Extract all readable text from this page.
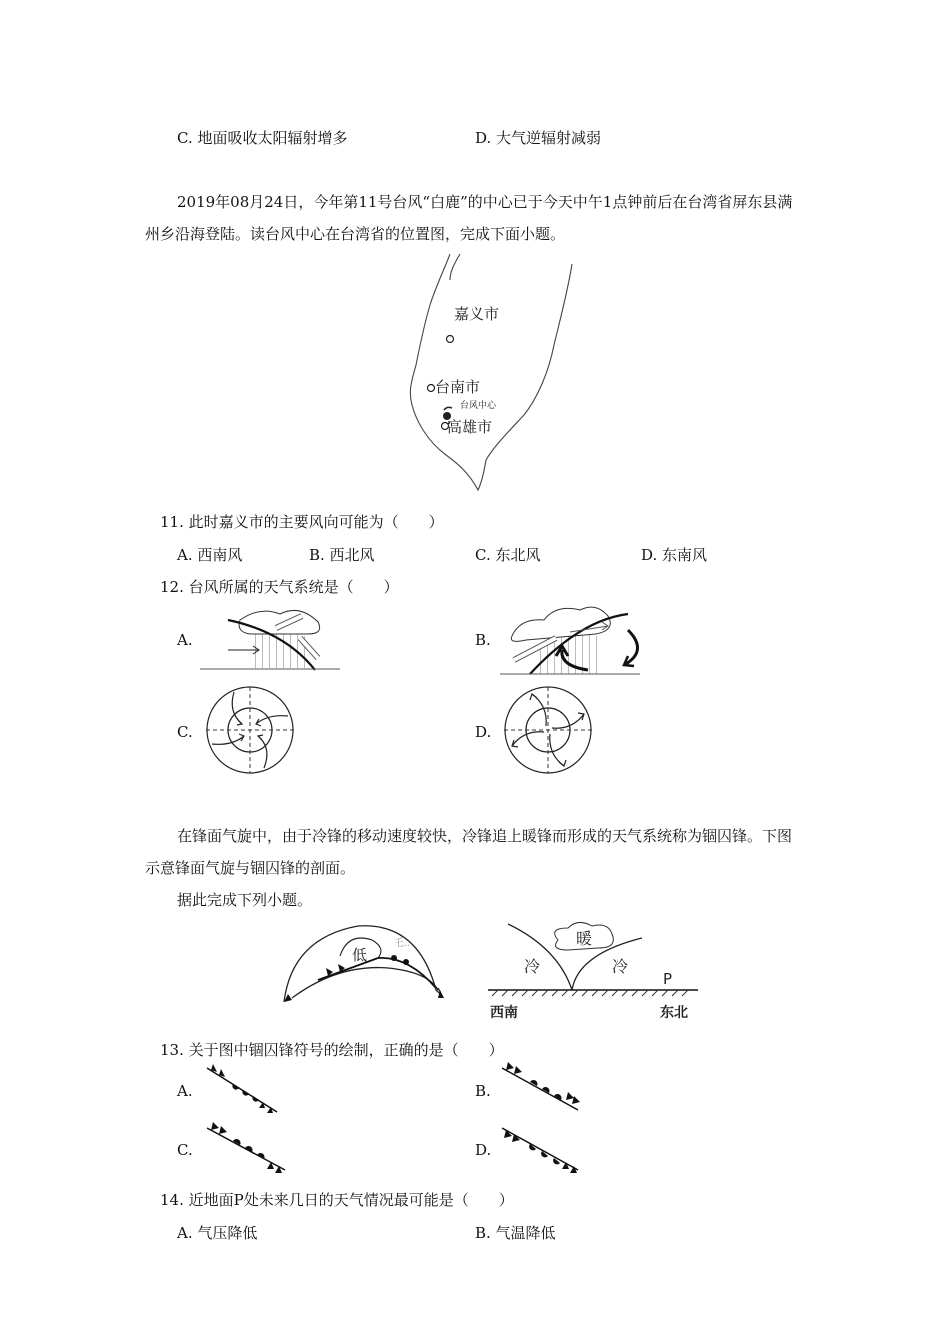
C. 地面吸收太阳辐射增多	D. 大气逆辐射减弱
2019年08月24日，今年第11号台风“白鹿”的中心已于今天中午1点钟前后在台湾省屏东县满州乡沿海登陆。读台风中心在台湾省的位置图，完成下面小题。
嘉义市
台南市
台风中心
高雄市
11. 此时嘉义市的主要风向可能为（　　）
A. 西南风	B. 西北风	C. 东北风	D. 东南风
12. 台风所属的天气系统是（　　）
A.	B.
C.	D.
在锋面气旋中，由于冷锋的移动速度较快，冷锋追上暖锋而形成的天气系统称为锢囚锋。下图示意锋面气旋与锢囚锋的剖面。
据此完成下列小题。
低
乇..	暖
冷	冷
P
西南	东北
13. 关于图中锢囚锋符号的绘制，正确的是（　　）
A.	B.
C.	D.
14. 近地面P处未来几日的天气情况最可能是（　　）
A. 气压降低	B. 气温降低
